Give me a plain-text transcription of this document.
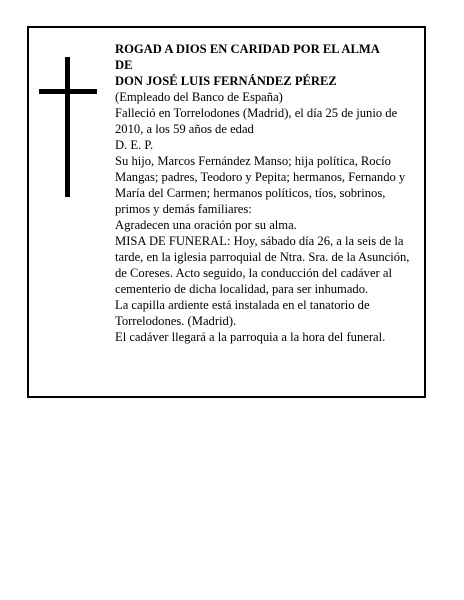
ROGAD A DIOS EN CARIDAD POR EL ALMA

DE

DON JOSÉ LUIS FERNÁNDEZ PÉREZ

(Empleado del Banco de España)

Falleció en Torrelodones (Madrid), el día 25 de junio de 2010, a los 59 años de edad

D. E. P.

Su hijo, Marcos Fernández Manso; hija política, Rocío Mangas; padres, Teodoro y Pepita; hermanos, Fernando y María del Carmen; hermanos políticos, tíos, sobrinos, primos y demás familiares:

Agradecen una oración por su alma.

MISA DE FUNERAL: Hoy, sábado día 26, a la seis de la tarde, en la iglesia parroquial de Ntra. Sra. de la Asunción, de Coreses. Acto seguido, la conducción del cadáver al cementerio de dicha localidad, para ser inhumado.

La capilla ardiente está instalada en el tanatorio de Torrelodones. (Madrid).

El cadáver llegará a la parroquia a la hora del funeral.
